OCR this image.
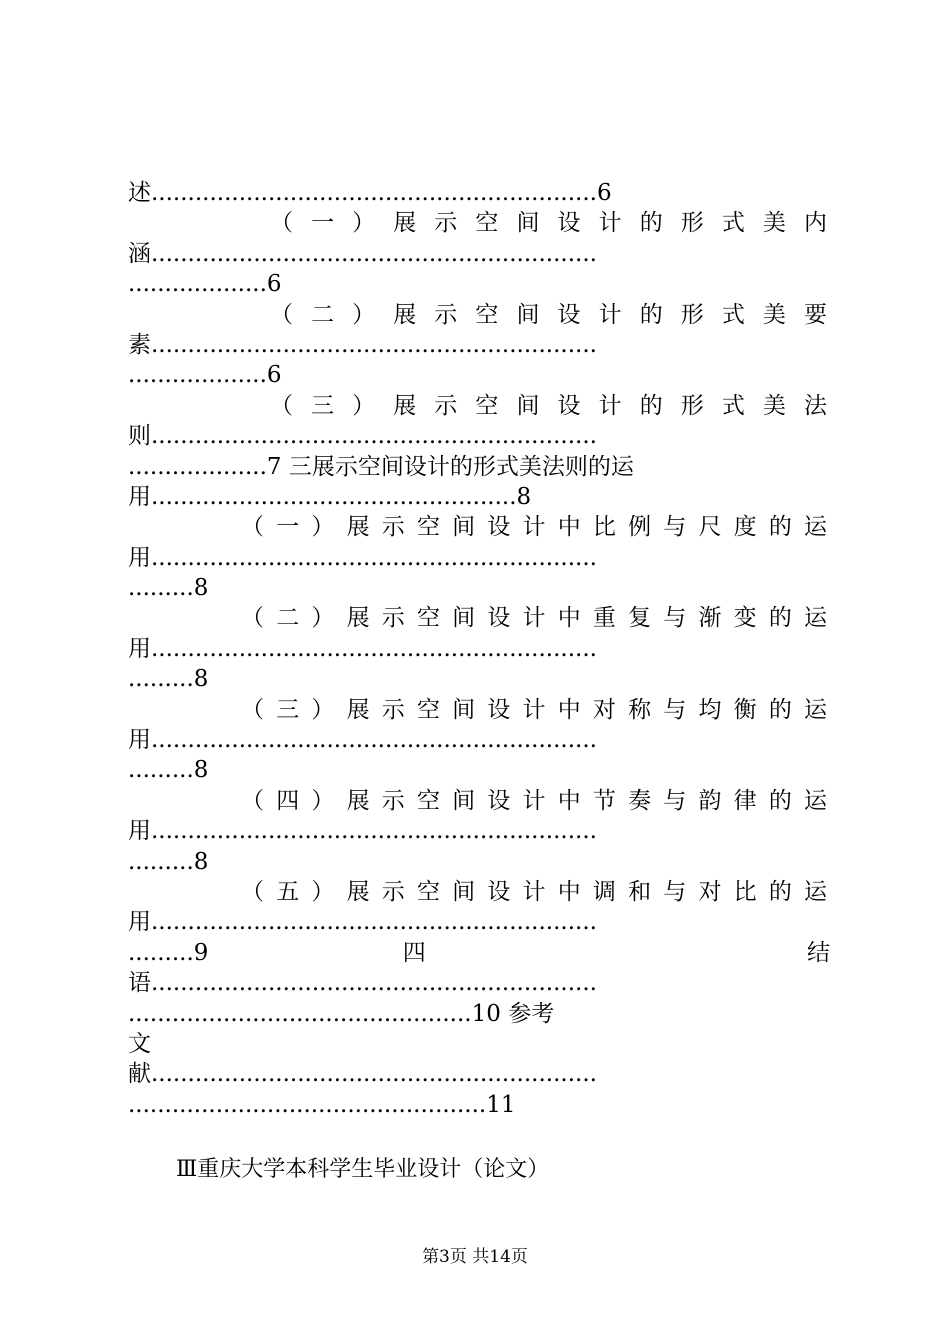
述.............................................................6
（一）展示空间设计的形式美内
涵.............................................................
...................6
（二）展示空间设计的形式美要
素.............................................................
...................6
（三）展示空间设计的形式美法
则.............................................................
...................7 三展示空间设计的形式美法则的运
用..................................................8
（一）展示空间设计中比例与尺度的运
用.............................................................
.........8
（二）展示空间设计中重复与渐变的运
用.............................................................
.........8
（三）展示空间设计中对称与均衡的运
用.............................................................
.........8
（四）展示空间设计中节奏与韵律的运
用.............................................................
.........8
（五）展示空间设计中调和与对比的运
用.............................................................
.........9 四 结
语.............................................................
...............................................10 参考
文
献.............................................................
.................................................11
Ⅲ重庆大学本科学生毕业设计（论文）
第3页 共14页
